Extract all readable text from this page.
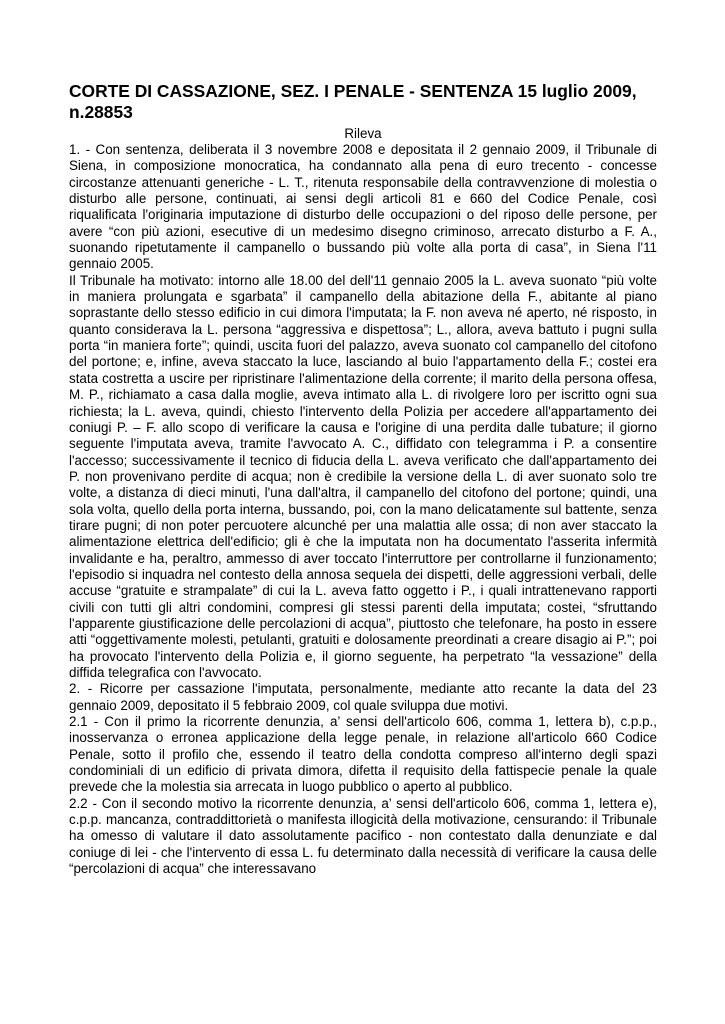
CORTE DI CASSAZIONE, SEZ. I PENALE - SENTENZA 15 luglio 2009, n.28853
Rileva

1. - Con sentenza, deliberata il 3 novembre 2008 e depositata il 2 gennaio 2009, il Tribunale di Siena, in composizione monocratica, ha condannato alla pena di euro trecento - concesse circostanze attenuanti generiche - L. T., ritenuta responsabile della contravvenzione di molestia o disturbo alle persone, continuati, ai sensi degli articoli 81 e 660 del Codice Penale, così riqualificata l'originaria imputazione di disturbo delle occupazioni o del riposo delle persone, per avere “con più azioni, esecutive di un medesimo disegno criminoso, arrecato disturbo a F. A., suonando ripetutamente il campanello o bussando più volte alla porta di casa”, in Siena l'11 gennaio 2005.

Il Tribunale ha motivato: intorno alle 18.00 del dell'11 gennaio 2005 la L. aveva suonato “più volte in maniera prolungata e sgarbata” il campanello della abitazione della F., abitante al piano soprastante dello stesso edificio in cui dimora l'imputata; la F. non aveva né aperto, né risposto, in quanto considerava la L. persona “aggressiva e dispettosa”; L., allora, aveva battuto i pugni sulla porta “in maniera forte”; quindi, uscita fuori del palazzo, aveva suonato col campanello del citofono del portone; e, infine, aveva staccato la luce, lasciando al buio l'appartamento della F.; costei era stata costretta a uscire per ripristinare l'alimentazione della corrente; il marito della persona offesa, M. P., richiamato a casa dalla moglie, aveva intimato alla L. di rivolgere loro per iscritto ogni sua richiesta; la L. aveva, quindi, chiesto l'intervento della Polizia per accedere all'appartamento dei coniugi P. – F. allo scopo di verificare la causa e l'origine di una perdita dalle tubature; il giorno seguente l'imputata aveva, tramite l'avvocato A. C., diffidato con telegramma i P. a consentire l'accesso; successivamente il tecnico di fiducia della L. aveva verificato che dall'appartamento dei P. non provenivano perdite di acqua; non è credibile la versione della L. di aver suonato solo tre volte, a distanza di dieci minuti, l'una dall'altra, il campanello del citofono del portone; quindi, una sola volta, quello della porta interna, bussando, poi, con la mano delicatamente sul battente, senza tirare pugni; di non poter percuotere alcunché per una malattia alle ossa; di non aver staccato la alimentazione elettrica dell'edificio; gli è che la imputata non ha documentato l'asserita infermità invalidante e ha, peraltro, ammesso di aver toccato l'interruttore per controllarne il funzionamento; l'episodio si inquadra nel contesto della annosa sequela dei dispetti, delle aggressioni verbali, delle accuse “gratuite e strampalate” di cui la L. aveva fatto oggetto i P., i quali intrattenevano rapporti civili con tutti gli altri condomini, compresi gli stessi parenti della imputata; costei, “sfruttando l'apparente giustificazione delle percolazioni di acqua”, piuttosto che telefonare, ha posto in essere atti “oggettivamente molesti, petulanti, gratuiti e dolosamente preordinati a creare disagio ai P.”; poi ha provocato l'intervento della Polizia e, il giorno seguente, ha perpetrato “la vessazione” della diffida telegrafica con l'avvocato.

2. - Ricorre per cassazione l'imputata, personalmente, mediante atto recante la data del 23 gennaio 2009, depositato il 5 febbraio 2009, col quale sviluppa due motivi.

2.1 - Con il primo la ricorrente denunzia, a’ sensi dell'articolo 606, comma 1, lettera b), c.p.p., inosservanza o erronea applicazione della legge penale, in relazione all'articolo 660 Codice Penale, sotto il profilo che, essendo il teatro della condotta compreso all'interno degli spazi condominiali di un edificio di privata dimora, difetta il requisito della fattispecie penale la quale prevede che la molestia sia arrecata in luogo pubblico o aperto al pubblico.

2.2 - Con il secondo motivo la ricorrente denunzia, a’ sensi dell'articolo 606, comma 1, lettera e), c.p.p. mancanza, contraddittorietà o manifesta illogicità della motivazione, censurando: il Tribunale ha omesso di valutare il dato assolutamente pacifico - non contestato dalla denunziate e dal coniuge di lei - che l'intervento di essa L. fu determinato dalla necessità di verificare la causa delle “percolazioni di acqua” che interessavano
